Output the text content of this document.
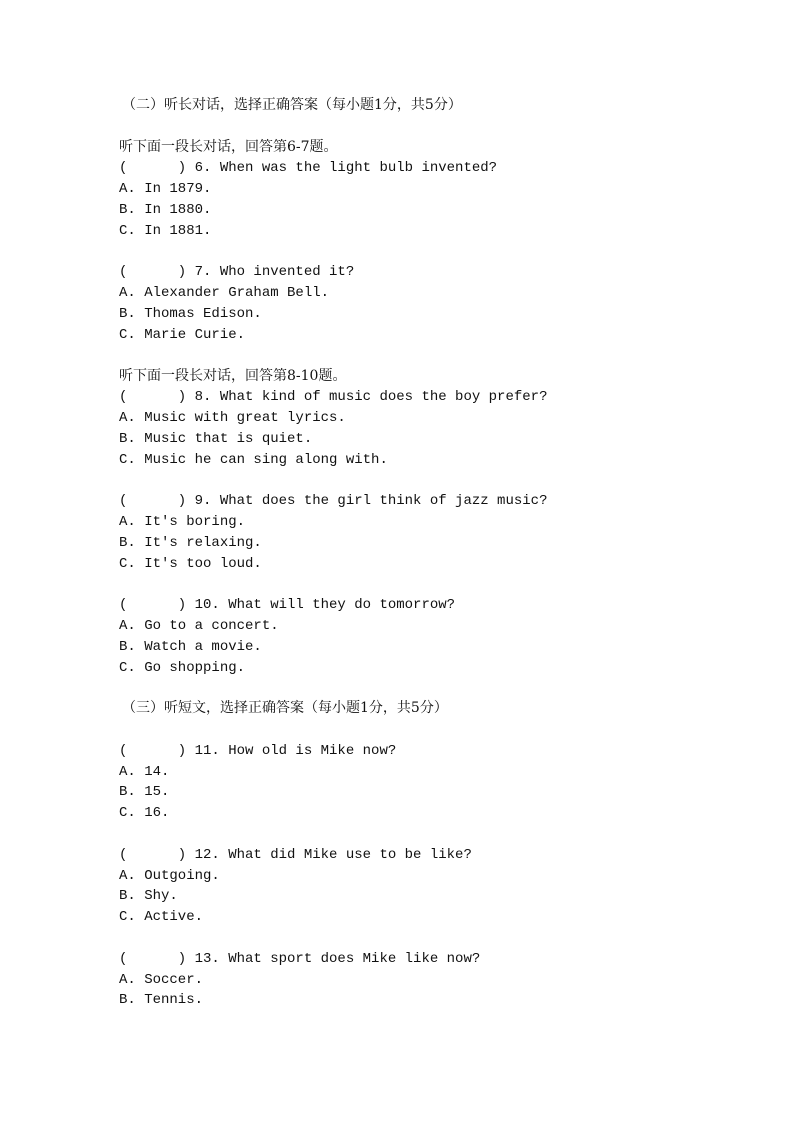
（二）听长对话，选择正确答案（每小题1分，共5分）
听下面一段长对话，回答第6-7题。
(      ) 6. When was the light bulb invented?
A. In 1879.
B. In 1880.
C. In 1881.
(      ) 7. Who invented it?
A. Alexander Graham Bell.
B. Thomas Edison.
C. Marie Curie.
听下面一段长对话，回答第8-10题。
(      ) 8. What kind of music does the boy prefer?
A. Music with great lyrics.
B. Music that is quiet.
C. Music he can sing along with.
(      ) 9. What does the girl think of jazz music?
A. It's boring.
B. It's relaxing.
C. It's too loud.
(      ) 10. What will they do tomorrow?
A. Go to a concert.
B. Watch a movie.
C. Go shopping.
（三）听短文，选择正确答案（每小题1分，共5分）
(      ) 11. How old is Mike now?
A. 14.
B. 15.
C. 16.
(      ) 12. What did Mike use to be like?
A. Outgoing.
B. Shy.
C. Active.
(      ) 13. What sport does Mike like now?
A. Soccer.
B. Tennis.
